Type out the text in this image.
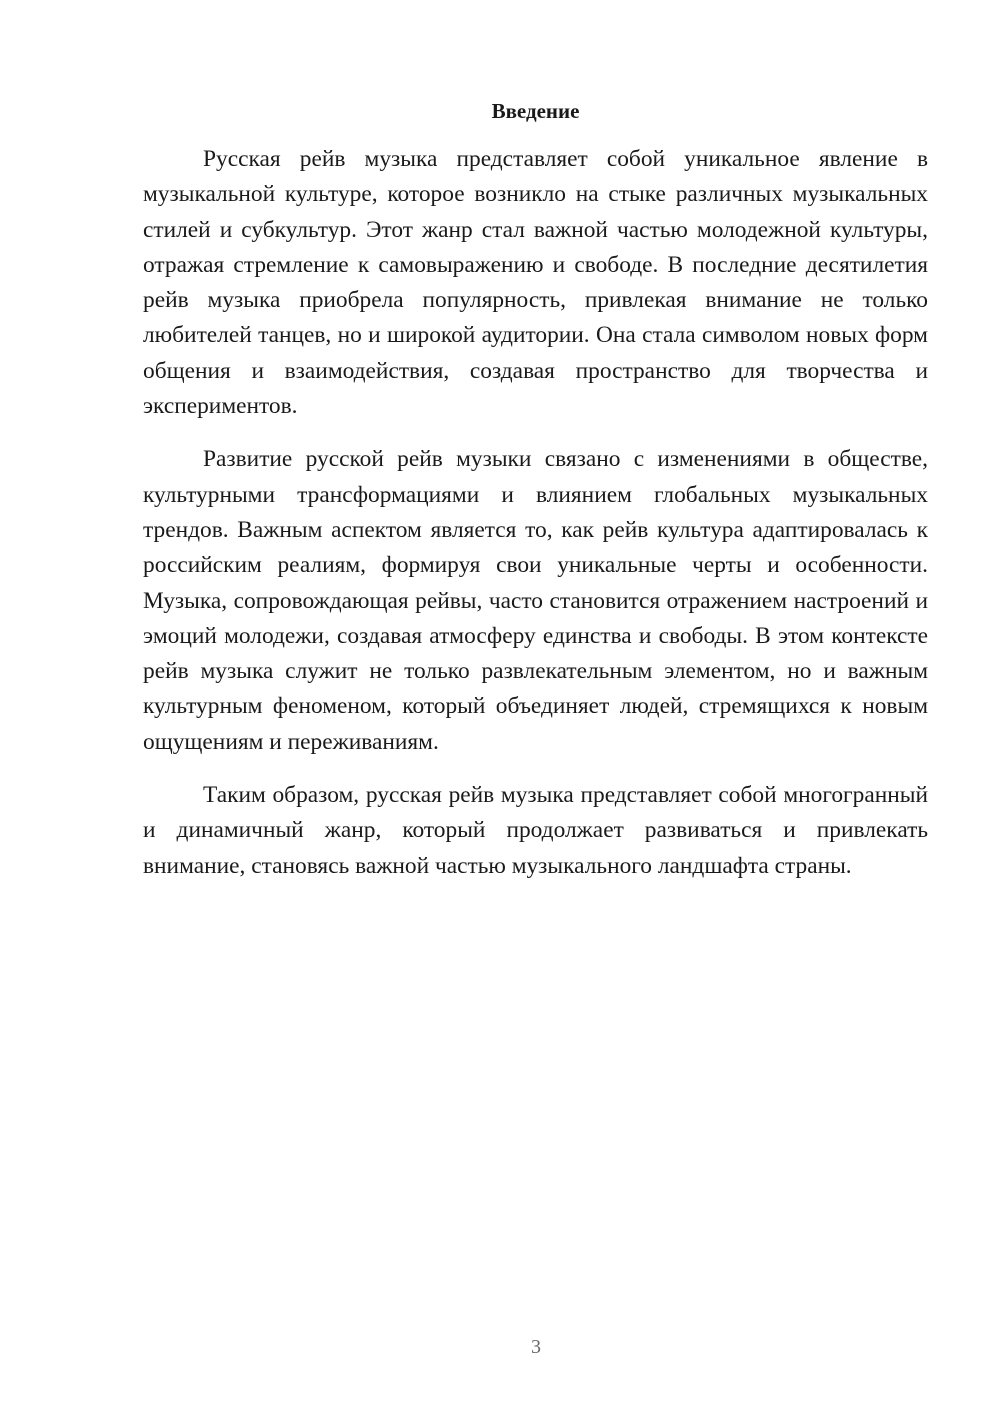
Введение

Русская рейв музыка представляет собой уникальное явление в музыкальной культуре, которое возникло на стыке различных музыкальных стилей и субкультур. Этот жанр стал важной частью молодежной культуры, отражая стремление к самовыражению и свободе. В последние десятилетия рейв музыка приобрела популярность, привлекая внимание не только любителей танцев, но и широкой аудитории. Она стала символом новых форм общения и взаимодействия, создавая пространство для творчества и экспериментов.

Развитие русской рейв музыки связано с изменениями в обществе, культурными трансформациями и влиянием глобальных музыкальных трендов. Важным аспектом является то, как рейв культура адаптировалась к российским реалиям, формируя свои уникальные черты и особенности. Музыка, сопровождающая рейвы, часто становится отражением настроений и эмоций молодежи, создавая атмосферу единства и свободы. В этом контексте рейв музыка служит не только развлекательным элементом, но и важным культурным феноменом, который объединяет людей, стремящихся к новым ощущениям и переживаниям.

Таким образом, русская рейв музыка представляет собой многогранный и динамичный жанр, который продолжает развиваться и привлекать внимание, становясь важной частью музыкального ландшафта страны.

3
